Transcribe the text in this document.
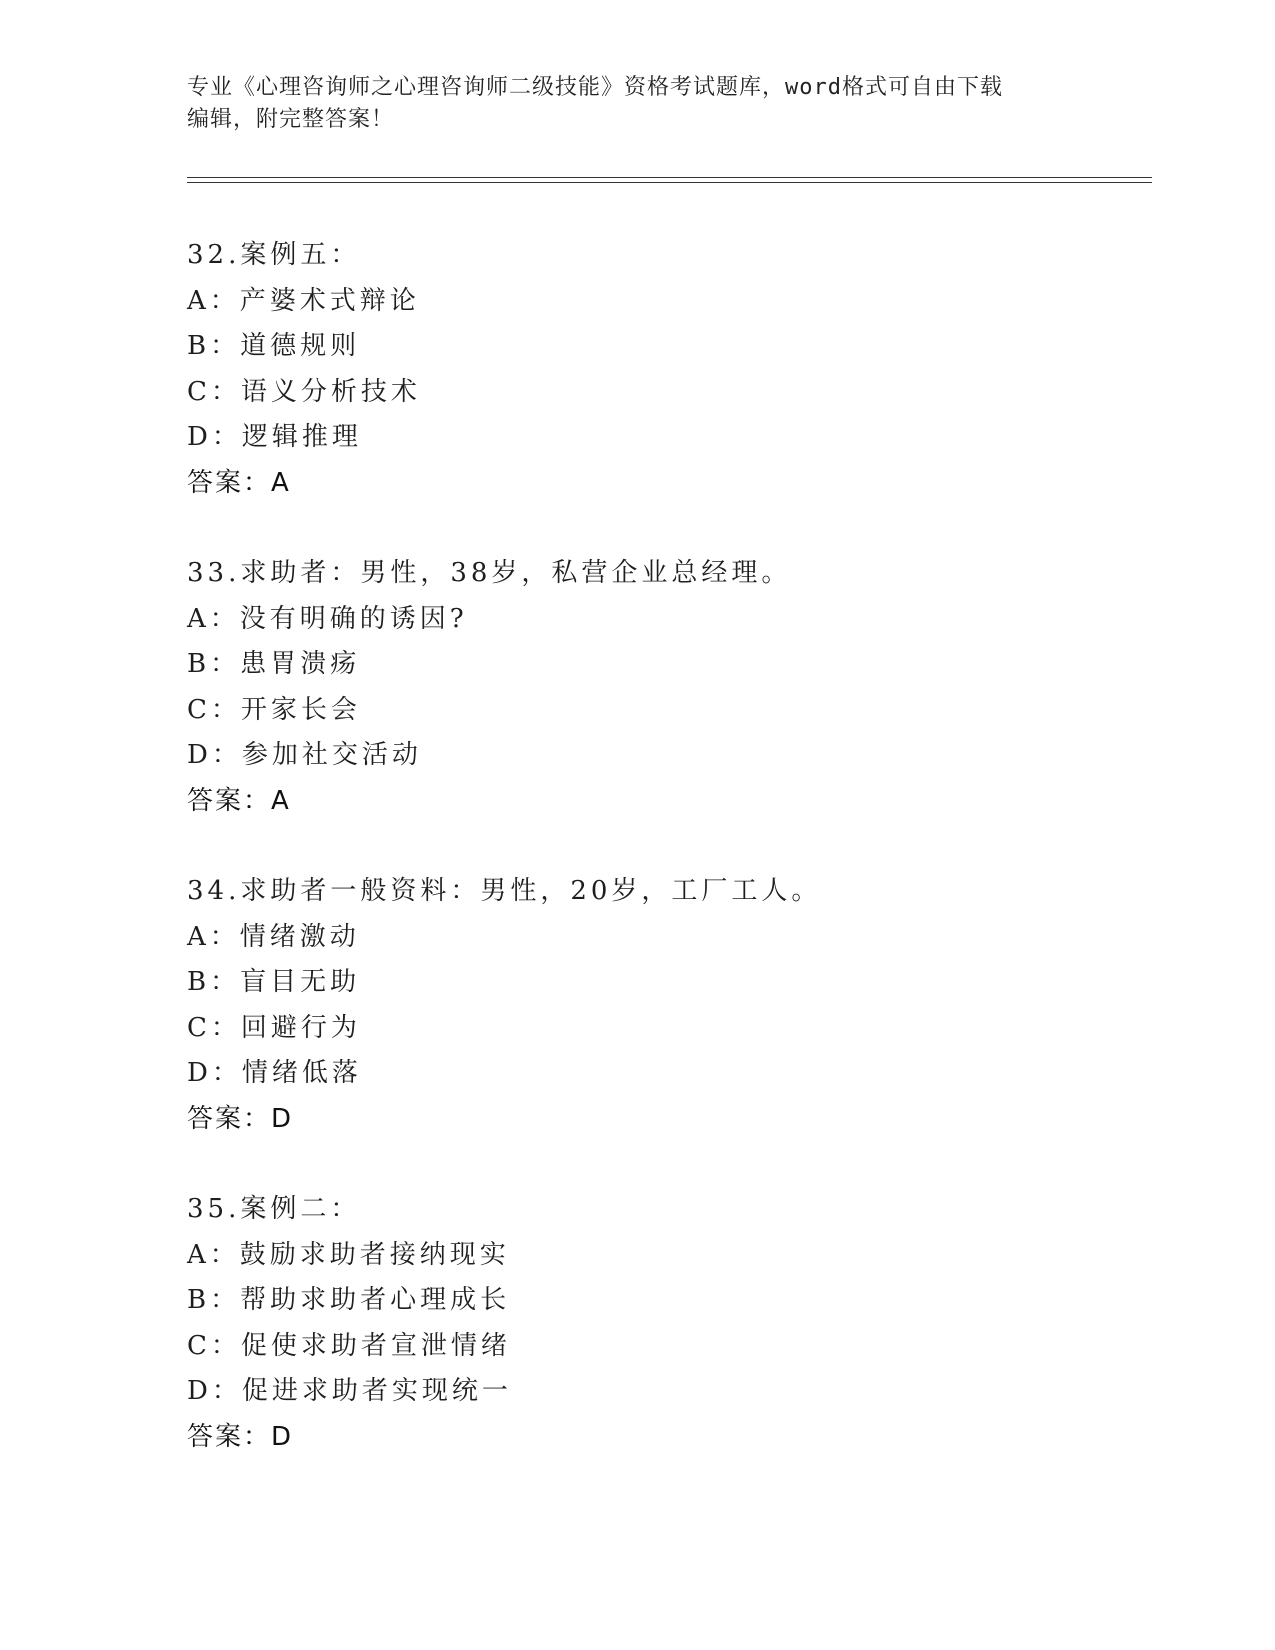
专业《心理咨询师之心理咨询师二级技能》资格考试题库，word格式可自由下载
编辑，附完整答案！
32.案例五：
A：产婆术式辩论
B：道德规则
C：语义分析技术
D：逻辑推理
答案：A
33.求助者：男性，38岁，私营企业总经理。
A：没有明确的诱因?
B：患胃溃疡
C：开家长会
D：参加社交活动
答案：A
34.求助者一般资料：男性，20岁，工厂工人。
A：情绪激动
B：盲目无助
C：回避行为
D：情绪低落
答案：D
35.案例二：
A：鼓励求助者接纳现实
B：帮助求助者心理成长
C：促使求助者宣泄情绪
D：促进求助者实现统一
答案：D
